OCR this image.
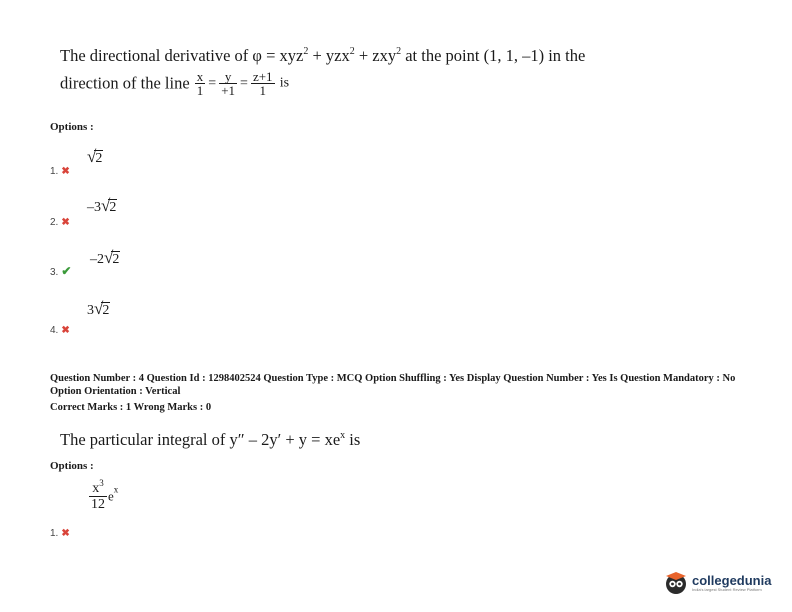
The directional derivative of φ = xyz$^2$ + yzx$^2$ + zxy$^2$ at the point (1, 1, –1) in the
direction of the line $\frac{x}{1} = \frac{y}{+1} = \frac{z+1}{1}$ is
Options :
√2
1. ✖
–3√2
2. ✖
–2√2
3. ✔
3√2
4. ✖
Question Number : 4 Question Id : 1298402524 Question Type : MCQ Option Shuffling : Yes Display Question Number : Yes Is Question Mandatory : No Option Orientation : Vertical
Correct Marks : 1 Wrong Marks : 0
The particular integral of $y'' - 2y' + y = xe^x$ is
Options :
$\frac{x^3}{12} e^x$
1. ✖
collegedunia
India's largest Student Review Platform
